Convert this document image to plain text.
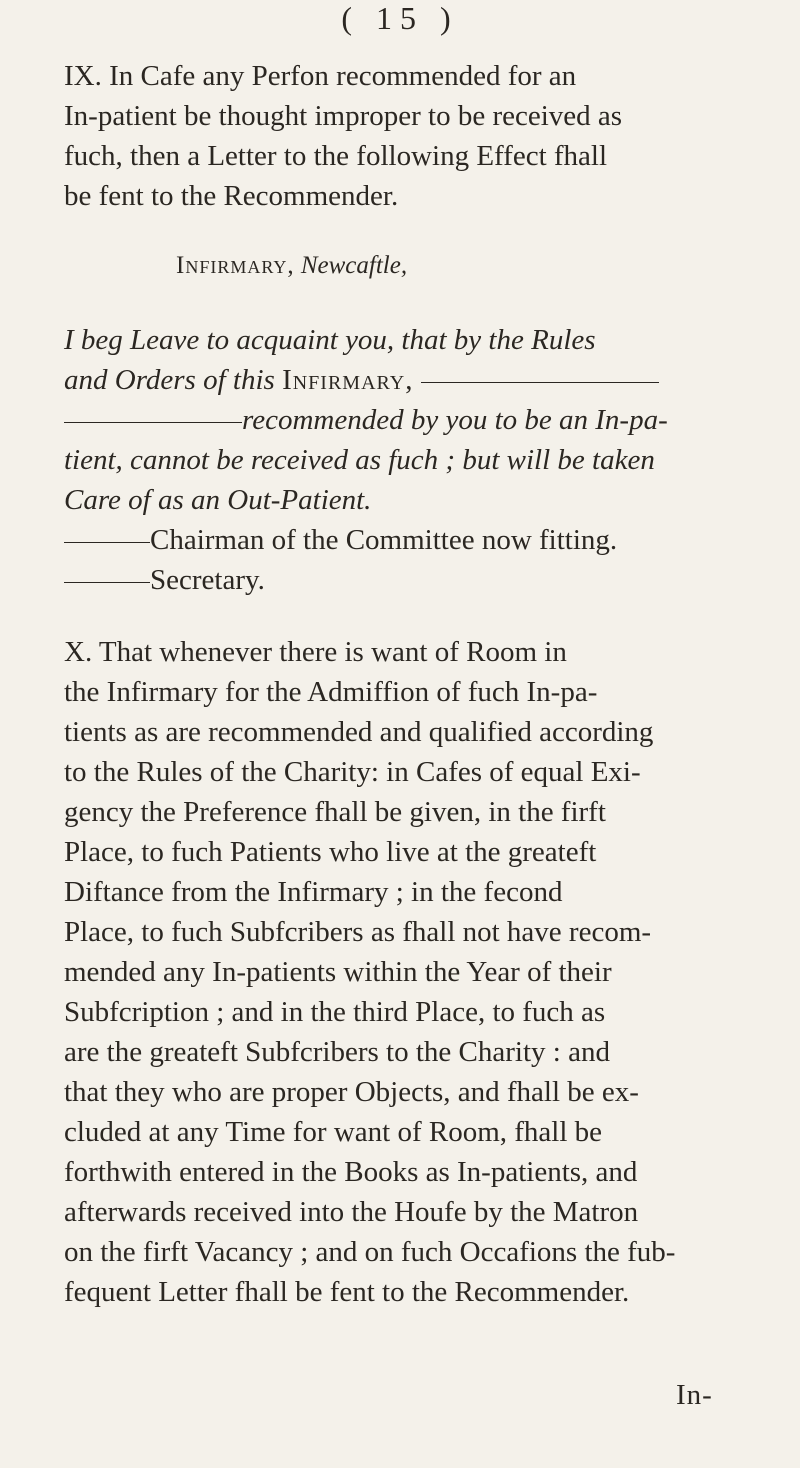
( 15 )
IX. In Cafe any Perfon recommended for an
In-patient be thought improper to be received as
fuch, then a Letter to the following Effect fhall
be fent to the Recommender.
Infirmary, Newcaftle,
I beg Leave to acquaint you, that by the Rules
and Orders of this Infirmary,
recommended by you to be an In-pa-
tient, cannot be received as fuch ; but will be taken
Care of as an Out-Patient.
Chairman of the Committee now fitting.
Secretary.
X. That whenever there is want of Room in
the Infirmary for the Admiffion of fuch In-pa-
tients as are recommended and qualified according
to the Rules of the Charity: in Cafes of equal Exi-
gency the Preference fhall be given, in the firft
Place, to fuch Patients who live at the greateft
Diftance from the Infirmary ; in the fecond
Place, to fuch Subfcribers as fhall not have recom-
mended any In-patients within the Year of their
Subfcription ; and in the third Place, to fuch as
are the greateft Subfcribers to the Charity : and
that they who are proper Objects, and fhall be ex-
cluded at any Time for want of Room, fhall be
forthwith entered in the Books as In-patients, and
afterwards received into the Houfe by the Matron
on the firft Vacancy ; and on fuch Occafions the fub-
fequent Letter fhall be fent to the Recommender.
In-
